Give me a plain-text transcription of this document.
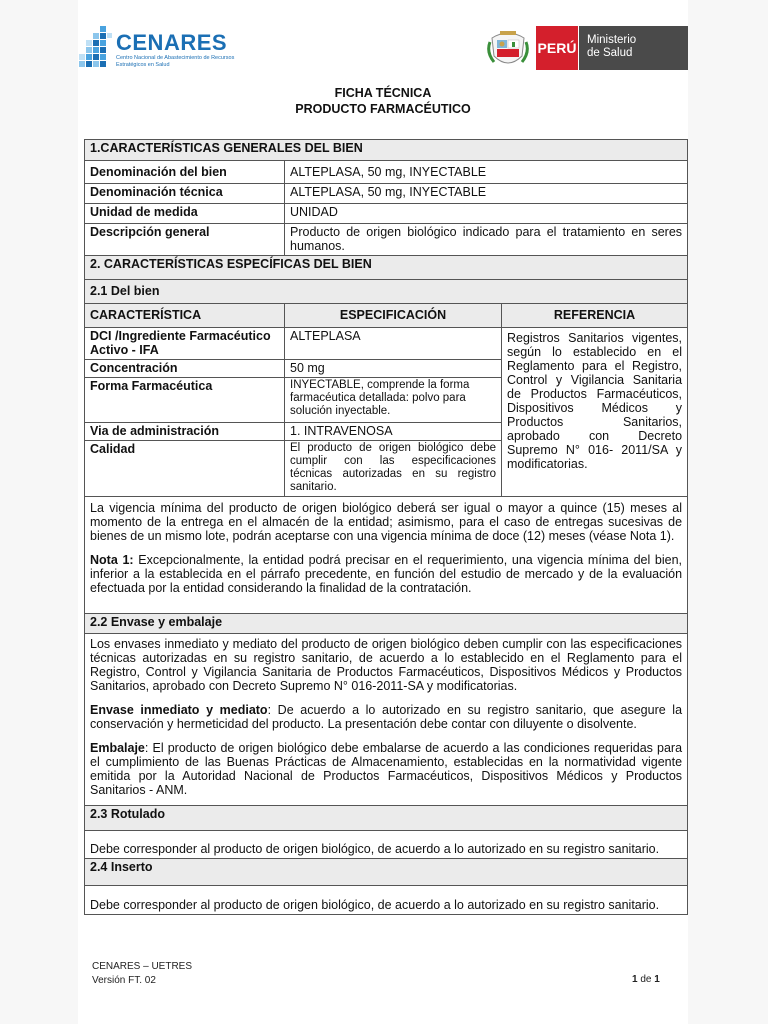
CENARES
Centro Nacional de Abastecimiento de Recursos Estratégicos en Salud
PERÚ Ministerio
de Salud
FICHA TÉCNICA
PRODUCTO FARMACÉUTICO
1.CARACTERÍSTICAS GENERALES DEL BIEN		
Denominación del bien	ALTEPLASA, 50 mg, INYECTABLE	
Denominación técnica	ALTEPLASA, 50 mg, INYECTABLE	
Unidad de medida	UNIDAD	
Descripción general	Producto de origen biológico indicado para el tratamiento en seres humanos.	
2. CARACTERÍSTICAS ESPECÍFICAS DEL BIEN		
2.1 Del bien		
CARACTERÍSTICA	ESPECIFICACIÓN	REFERENCIA
DCI /Ingrediente Farmacéutico Activo - IFA	ALTEPLASA	Registros Sanitarios vigentes, según lo establecido en el Reglamento para el Registro, Control y Vigilancia Sanitaria de Productos Farmacéuticos, Dispositivos Médicos y Productos Sanitarios, aprobado con Decreto Supremo N° 016- 2011/SA y modificatorias.
Concentración	50 mg	
Forma Farmacéutica	INYECTABLE, comprende la forma farmacéutica detallada: polvo para solución inyectable.	
Via de administración	1. INTRAVENOSA	
Calidad	El producto de origen biológico debe cumplir con las especificaciones técnicas autorizadas en su registro sanitario.	

La vigencia mínima del producto de origen biológico deberá ser igual o mayor a quince (15) meses al momento de la entrega en el almacén de la entidad; asimismo, para el caso de entregas sucesivas de bienes de un mismo lote, podrán aceptarse con una vigencia mínima de doce (12) meses (véase Nota 1).

Nota 1: Excepcionalmente, la entidad podrá precisar en el requerimiento, una vigencia mínima del bien, inferior a la establecida en el párrafo precedente, en función del estudio de mercado y de la evaluación efectuada por la entidad considerando la finalidad de la contratación.		

2.2 Envase y embalaje		

Los envases inmediato y mediato del producto de origen biológico deben cumplir con las especificaciones técnicas autorizadas en su registro sanitario, de acuerdo a lo establecido en el Reglamento para el Registro, Control y Vigilancia Sanitaria de Productos Farmacéuticos, Dispositivos Médicos y Productos Sanitarios, aprobado con Decreto Supremo N° 016-2011-SA y modificatorias.

Envase inmediato y mediato: De acuerdo a lo autorizado en su registro sanitario, que asegure la conservación y hermeticidad del producto. La presentación debe contar con diluyente o disolvente.

Embalaje: El producto de origen biológico debe embalarse de acuerdo a las condiciones requeridas para el cumplimiento de las Buenas Prácticas de Almacenamiento, establecidas en la normatividad vigente emitida por la Autoridad Nacional de Productos Farmacéuticos, Dispositivos Médicos y Productos Sanitarios - ANM.		

2.3 Rotulado		
Debe corresponder al producto de origen biológico, de acuerdo a lo autorizado en su registro sanitario.		
2.4 Inserto		
Debe corresponder al producto de origen biológico, de acuerdo a lo autorizado en su registro sanitario.		
CENARES – UETRES
Versión FT. 02	1 de 1
